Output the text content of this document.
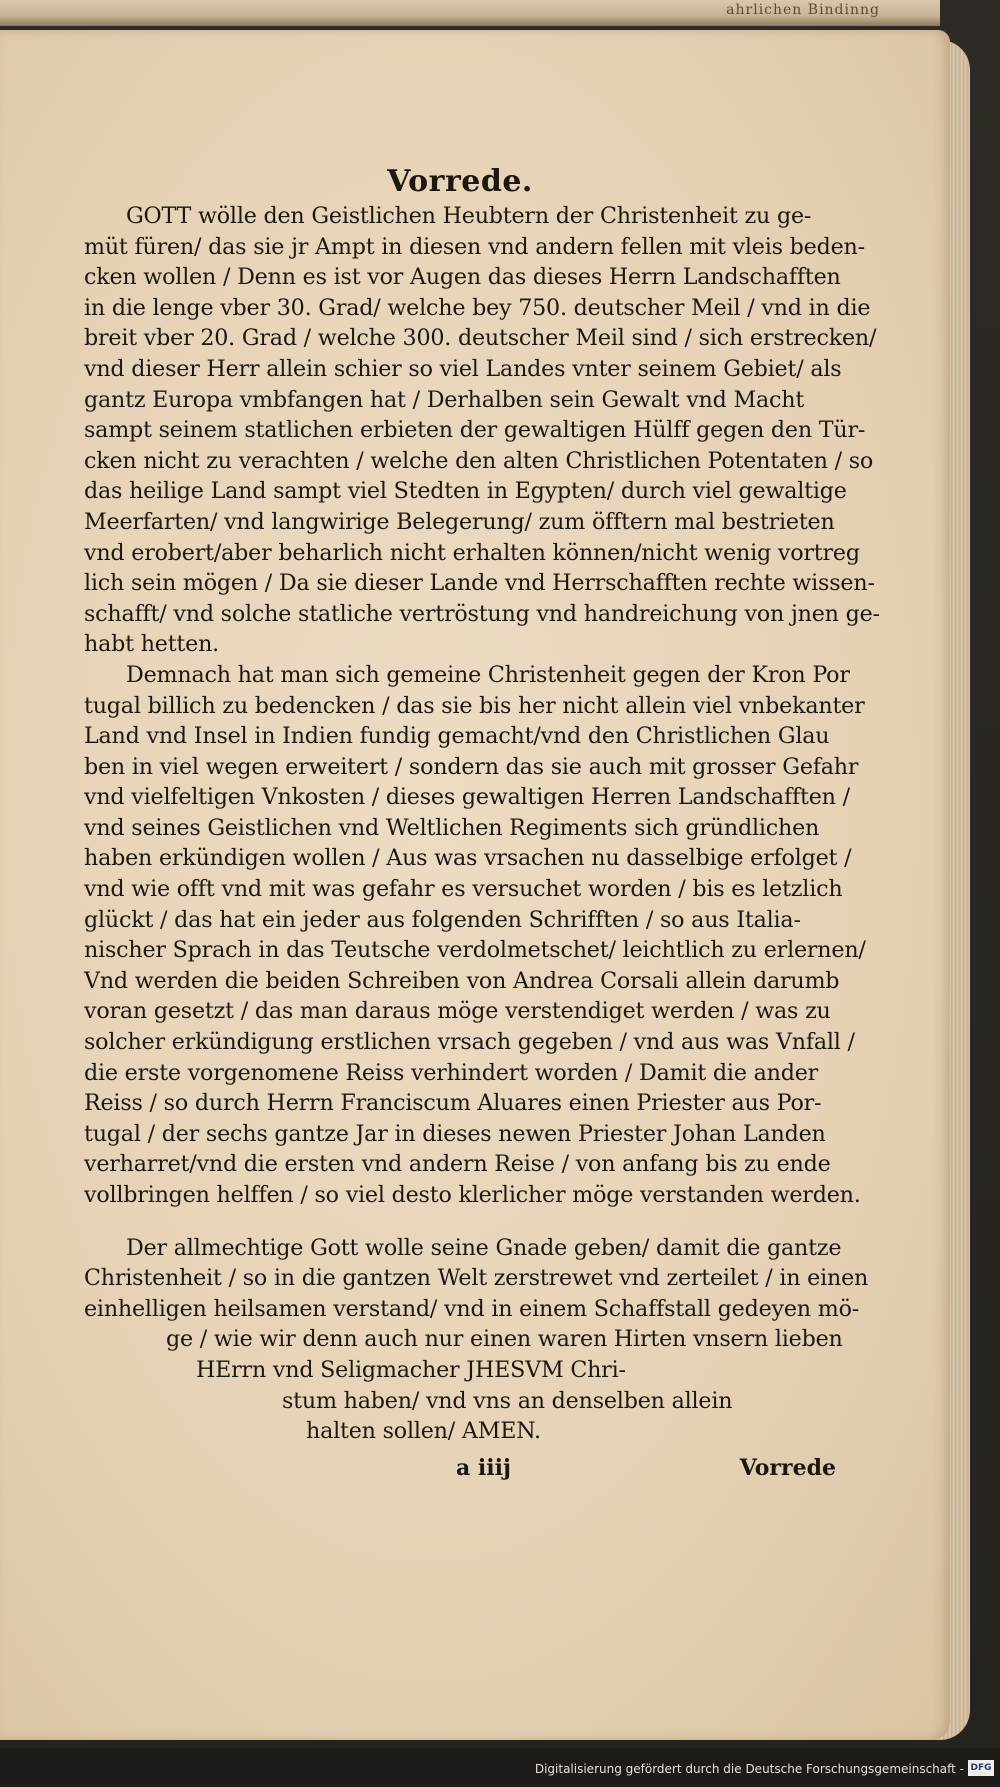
ahrlichen Bindinng
Vorrede.
GOTT wölle den Geistlichen Heubtern der Christenheit zu ge-
müt füren/ das sie jr Ampt in diesen vnd andern fellen mit vleis beden-
cken wollen / Denn es ist vor Augen das dieses Herrn Landschafften
in die lenge vber 30. Grad/ welche bey 750. deutscher Meil / vnd in die
breit vber 20. Grad / welche 300. deutscher Meil sind / sich erstrecken/
vnd dieser Herr allein schier so viel Landes vnter seinem Gebiet/ als
gantz Europa vmbfangen hat / Derhalben sein Gewalt vnd Macht
sampt seinem statlichen erbieten der gewaltigen Hülff gegen den Tür-
cken nicht zu verachten / welche den alten Christlichen Potentaten / so
das heilige Land sampt viel Stedten in Egypten/ durch viel gewaltige
Meerfarten/ vnd langwirige Belegerung/ zum öfftern mal bestrieten
vnd erobert/aber beharlich nicht erhalten können/nicht wenig vortreg
lich sein mögen / Da sie dieser Lande vnd Herrschafften rechte wissen-
schafft/ vnd solche statliche vertröstung vnd handreichung von jnen ge-
habt hetten.
Demnach hat man sich gemeine Christenheit gegen der Kron Por
tugal billich zu bedencken / das sie bis her nicht allein viel vnbekanter
Land vnd Insel in Indien fundig gemacht/vnd den Christlichen Glau
ben in viel wegen erweitert / sondern das sie auch mit grosser Gefahr
vnd vielfeltigen Vnkosten / dieses gewaltigen Herren Landschafften /
vnd seines Geistlichen vnd Weltlichen Regiments sich gründlichen
haben erkündigen wollen / Aus was vrsachen nu dasselbige erfolget /
vnd wie offt vnd mit was gefahr es versuchet worden / bis es letzlich
glückt / das hat ein jeder aus folgenden Schrifften / so aus Italia-
nischer Sprach in das Teutsche verdolmetschet/ leichtlich zu erlernen/
Vnd werden die beiden Schreiben von Andrea Corsali allein darumb
voran gesetzt / das man daraus möge verstendiget werden / was zu
solcher erkündigung erstlichen vrsach gegeben / vnd aus was Vnfall /
die erste vorgenomene Reiss verhindert worden / Damit die ander
Reiss / so durch Herrn Franciscum Aluares einen Priester aus Por-
tugal / der sechs gantze Jar in dieses newen Priester Johan Landen
verharret/vnd die ersten vnd andern Reise / von anfang bis zu ende
vollbringen helffen / so viel desto klerlicher möge verstanden werden.
Der allmechtige Gott wolle seine Gnade geben/ damit die gantze
Christenheit / so in die gantzen Welt zerstrewet vnd zerteilet / in einen
einhelligen heilsamen verstand/ vnd in einem Schaffstall gedeyen mö-
ge / wie wir denn auch nur einen waren Hirten vnsern lieben
HErrn vnd Seligmacher JHESVM Chri-
stum haben/ vnd vns an denselben allein
halten sollen/ AMEN.
a iiij	Vorrede
Digitalisierung gefördert durch die Deutsche Forschungsgemeinschaft - DFG
